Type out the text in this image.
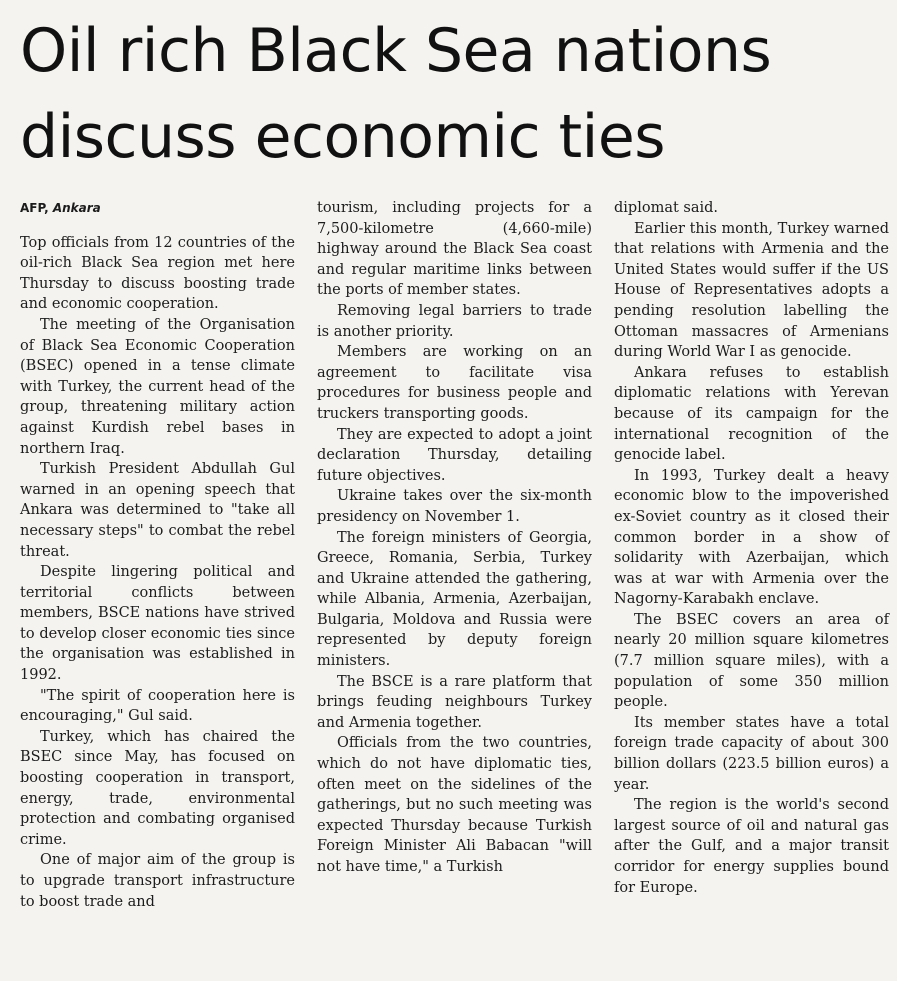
Oil rich Black Sea nations discuss economic ties
AFP, Ankara

Top officials from 12 countries of the oil-rich Black Sea region met here Thursday to discuss boosting trade and economic cooperation.

The meeting of the Organisation of Black Sea Economic Cooperation (BSEC) opened in a tense climate with Turkey, the current head of the group, threatening military action against Kurdish rebel bases in northern Iraq.

Turkish President Abdullah Gul warned in an opening speech that Ankara was determined to "take all necessary steps" to combat the rebel threat.

Despite lingering political and territorial conflicts between members, BSCE nations have strived to develop closer economic ties since the organisation was established in 1992.

"The spirit of cooperation here is encouraging," Gul said.

Turkey, which has chaired the BSEC since May, has focused on boosting cooperation in transport, energy, trade, environmental protection and combating organised crime.

One of major aim of the group is to upgrade transport infrastructure to boost trade and

tourism, including projects for a 7,500-kilometre (4,660-mile) highway around the Black Sea coast and regular maritime links between the ports of member states.

Removing legal barriers to trade is another priority.

Members are working on an agreement to facilitate visa procedures for business people and truckers transporting goods.

They are expected to adopt a joint declaration Thursday, detailing future objectives.

Ukraine takes over the six-month presidency on November 1.

The foreign ministers of Georgia, Greece, Romania, Serbia, Turkey and Ukraine attended the gathering, while Albania, Armenia, Azerbaijan, Bulgaria, Moldova and Russia were represented by deputy foreign ministers.

The BSCE is a rare platform that brings feuding neighbours Turkey and Armenia together.

Officials from the two countries, which do not have diplomatic ties, often meet on the sidelines of the gatherings, but no such meeting was expected Thursday because Turkish Foreign Minister Ali Babacan "will not have time," a Turkish

diplomat said.

Earlier this month, Turkey warned that relations with Armenia and the United States would suffer if the US House of Representatives adopts a pending resolution labelling the Ottoman massacres of Armenians during World War I as genocide.

Ankara refuses to establish diplomatic relations with Yerevan because of its campaign for the international recognition of the genocide label.

In 1993, Turkey dealt a heavy economic blow to the impoverished ex-Soviet country as it closed their common border in a show of solidarity with Azerbaijan, which was at war with Armenia over the Nagorny-Karabakh enclave.

The BSEC covers an area of nearly 20 million square kilometres (7.7 million square miles), with a population of some 350 million people.

Its member states have a total foreign trade capacity of about 300 billion dollars (223.5 billion euros) a year.

The region is the world's second largest source of oil and natural gas after the Gulf, and a major transit corridor for energy supplies bound for Europe.
